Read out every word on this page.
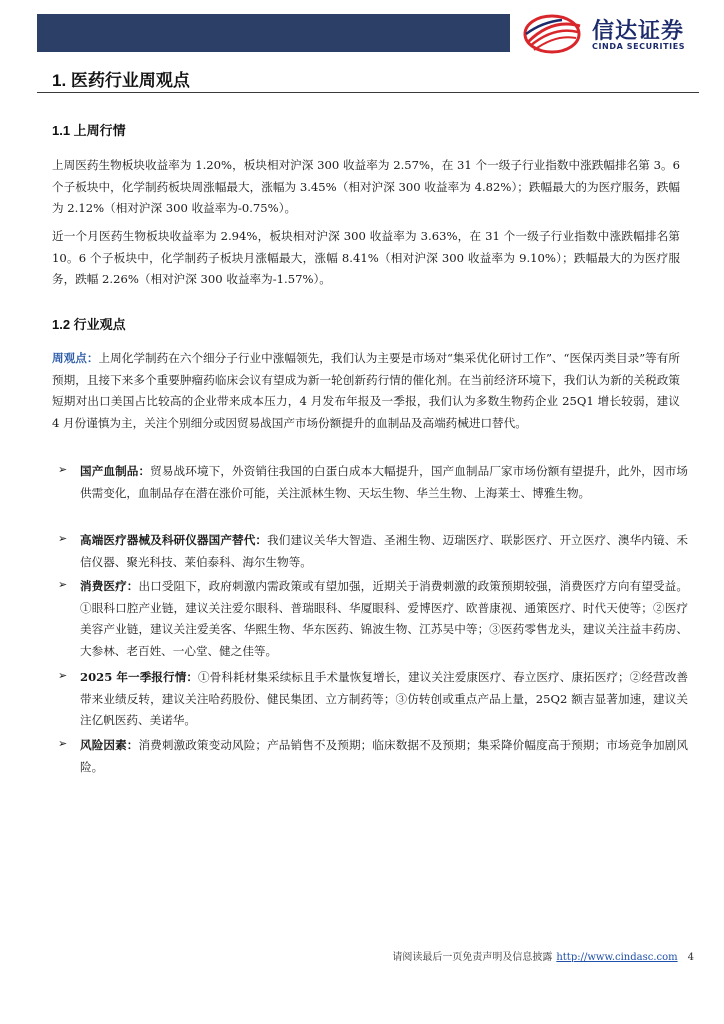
信达证券
CINDA SECURITIES
1. 医药行业周观点
1.1 上周行情

上周医药生物板块收益率为 1.20%，板块相对沪深 300 收益率为 2.57%，在 31 个一级子行业指数中涨跌幅排名第 3。6 个子板块中，化学制药板块周涨幅最大，涨幅为 3.45%（相对沪深 300 收益率为 4.82%）；跌幅最大的为医疗服务，跌幅为 2.12%（相对沪深 300 收益率为-0.75%）。

近一个月医药生物板块收益率为 2.94%，板块相对沪深 300 收益率为 3.63%，在 31 个一级子行业指数中涨跌幅排名第 10。6 个子板块中，化学制药子板块月涨幅最大，涨幅 8.41%（相对沪深 300 收益率为 9.10%）；跌幅最大的为医疗服务，跌幅 2.26%（相对沪深 300 收益率为-1.57%）。

1.2 行业观点

周观点：上周化学制药在六个细分子行业中涨幅领先，我们认为主要是市场对“集采优化研讨工作”、“医保丙类目录”等有所预期，且接下来多个重要肿瘤药临床会议有望成为新一轮创新药行情的催化剂。在当前经济环境下，我们认为新的关税政策短期对出口美国占比较高的企业带来成本压力，4 月发布年报及一季报，我们认为多数生物药企业 25Q1 增长较弱，建议 4 月份谨慎为主，关注个别细分或因贸易战国产市场份额提升的血制品及高端药械进口替代。

➢ 国产血制品：贸易战环境下，外资销往我国的白蛋白成本大幅提升，国产血制品厂家市场份额有望提升，此外，因市场供需变化，血制品存在潜在涨价可能，关注派林生物、天坛生物、华兰生物、上海莱士、博雅生物。
➢ 高端医疗器械及科研仪器国产替代：我们建议关华大智造、圣湘生物、迈瑞医疗、联影医疗、开立医疗、澳华内镜、禾信仪器、聚光科技、莱伯泰科、海尔生物等。
➢ 消费医疗：出口受阻下，政府刺激内需政策或有望加强，近期关于消费刺激的政策预期较强，消费医疗方向有望受益。①眼科口腔产业链，建议关注爱尔眼科、普瑞眼科、华厦眼科、爱博医疗、欧普康视、通策医疗、时代天使等；②医疗美容产业链，建议关注爱美客、华熙生物、华东医药、锦波生物、江苏吴中等；③医药零售龙头，建议关注益丰药房、大参林、老百姓、一心堂、健之佳等。
➢ 2025 年一季报行情：①骨科耗材集采续标且手术量恢复增长，建议关注爱康医疗、春立医疗、康拓医疗；②经营改善带来业绩反转，建议关注哈药股份、健民集团、立方制药等；③仿转创或重点产品上量，25Q2 额吉显著加速，建议关注亿帆医药、美诺华。
➢ 风险因素：消费刺激政策变动风险；产品销售不及预期；临床数据不及预期；集采降价幅度高于预期；市场竞争加剧风险。
请阅读最后一页免责声明及信息披露 http://www.cindasc.com 4
